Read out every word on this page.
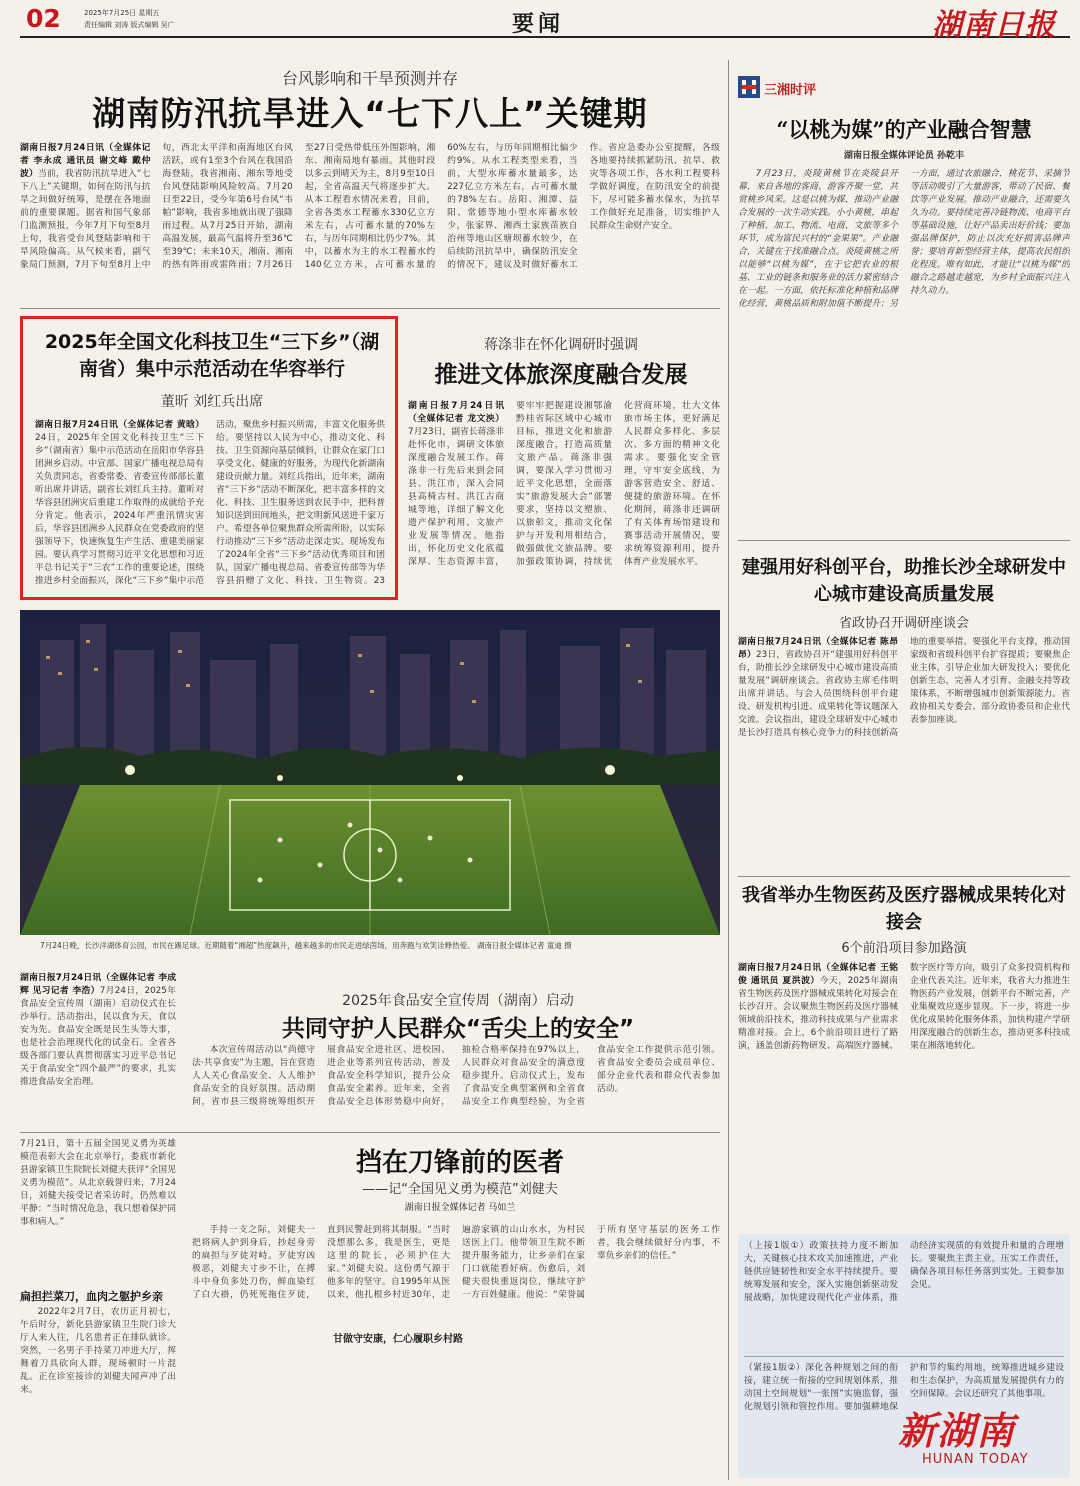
02	2025年7月25日 星期五
责任编辑 刘涛 版式编辑 吴广	要闻	湖南日报
台风影响和干旱预测并存
湖南防汛抗旱进入“七下八上”关键期
湖南日报7月24日讯（全媒体记者 李永成 通讯员 谢文峰 戴仲波）当前，我省防汛抗旱进入“七下八上”关键期，如何在防汛与抗旱之间做好统筹，是摆在各地面前的重要课题。据省和国气象部门监测预报，今年7月下旬至8月上旬，我省受台风登陆影响和干旱风险偏高。从气候来看，副气象局门预测，7月下旬至8月上中旬，西北太平洋和南海地区台风活跃，或有1至3个台风在我国沿海登陆，我省湘南、湘东等地受台风登陆影响风险较高。7月20日至22日，受今年第6号台风“韦帕”影响，我省多地就出现了强降雨过程。从7月25日开始，湖南高温发展，最高气温将升至36℃至39℃；未来10天，湘南、湘南的热有阵雨或雷阵雨；7月26日至27日受热带低压外围影响，湘东、湘南局地有暴雨。其他时段以多云到晴天为主，8月9至10日起，全省高温天气将逐步扩大。从本工程看水情况来看，目前，全省各类水工程蓄水330亿立方米左右，占可蓄水量的70%左右，与历年同期相比仍少7%。其中，以蓄水为主的水工程蓄水约140亿立方米，占可蓄水量的60%左右，与历年同期相比偏少约9%。从水工程类型来看，当前，大型水库蓄水量最多，达227亿立方米左右，占可蓄水量的78%左右。岳阳、湘潭、益阳、常德等地小型水库蓄水较少，张家界、湘西土家族苗族自治州等地山区塘坝蓄水较少，在后续防汛抗旱中，确保防汛安全的情况下，建议及时做好蓄水工作。省应急委办公室提醒，各级各地要持续抓紧防汛、抗旱、救灾等各项工作，各水利工程要科学做好调度，在防汛安全的前提下，尽可能多蓄水保水，为抗旱工作做好充足准备，切实维护人民群众生命财产安全。
2025年全国文化科技卫生“三下乡”（湖南省）集中示范活动在华容举行
董昕 刘红兵出席
湖南日报7月24日讯（全媒体记者 黄晗）24日，2025年全国文化科技卫生“三下乡”（湖南省）集中示范活动在岳阳市华容县团洲乡启动。中宣部、国家广播电视总局有关负责同志，省委常委、省委宣传部部长董昕出席并讲话，副省长刘红兵主持。董昕对华容县团洲灾后重建工作取得的成就给予充分肯定。他表示，2024年严重汛情灾害后，华容县团洲乡人民群众在党委政府的坚强领导下，快速恢复生产生活、重建美丽家园。要认真学习贯彻习近平文化思想和习近平总书记关于“三农”工作的重要论述，围绕推进乡村全面振兴，深化“三下乡”集中示范活动，聚焦乡村振兴所需，丰富文化服务供给。要坚持以人民为中心，推动文化、科技、卫生资源向基层倾斜，让群众在家门口享受文化、健康的好服务，为现代化新湖南建设贡献力量。刘红兵指出，近年来，湖南省“三下乡”活动不断深化，把丰富多样的文化、科技、卫生服务送到农民手中，把科普知识送到田间地头，把文明新风送进千家万户。希望各单位聚焦群众所需所盼，以实际行动推动“三下乡”活动走深走实。现场发布了2024年全省“三下乡”活动优秀项目和团队，国家广播电视总局、省委宣传部等为华容县捐赠了文化、科技、卫生物资。23
蒋涤非在怀化调研时强调
推进文体旅深度融合发展
湖南日报7月24日讯（全媒体记者 龙文泱）7月23日，副省长蒋涤非赴怀化市，调研文体旅深度融合发展工作。蒋涤非一行先后来到会同县、洪江市，深入会同县高椅古村、洪江古商城等地，详细了解文化遗产保护利用、文旅产业发展等情况。他指出，怀化历史文化底蕴深厚、生态资源丰富，要牢牢把握建设湘鄂渝黔桂省际区域中心城市目标，推进文化和旅游深度融合，打造高质量文旅产品。蒋涤非强调，要深入学习贯彻习近平文化思想，全面落实“旅游发展大会”部署要求，坚持以文塑旅、以旅彰文，推动文化保护与开发利用相结合，做强做优文旅品牌。要加强政策协调，持续优化营商环境，壮大文体旅市场主体，更好满足人民群众多样化、多层次、多方面的精神文化需求。要强化安全管理，守牢安全底线，为游客营造安全、舒适、便捷的旅游环境。在怀化期间，蒋涤非还调研了有关体育场馆建设和赛事活动开展情况，要求统筹资源利用，提升体育产业发展水平。
7月24日晚，长沙洋湖体育公园，市民在踢足球。近期随着“湘超”热度飙升，越来越多的市民走进绿茵场，用奔跑与欢笑诠释热爱。 湖南日报全媒体记者 童迪 摄
湖南日报7月24日讯（全媒体记者 李成辉 见习记者 李浩）7月24日，2025年食品安全宣传周（湖南）启动仪式在长沙举行。活动指出，民以食为天，食以安为先。食品安全既是民生头等大事，也是社会治理现代化的试金石。全省各级各部门要认真贯彻落实习近平总书记关于食品安全“四个最严”的要求，扎实推进食品安全治理。
2025年食品安全宣传周（湖南）启动
共同守护人民群众“舌尖上的安全”
本次宣传周活动以“尚德守法·共享食安”为主题，旨在营造人人关心食品安全、人人维护食品安全的良好氛围。活动期间，省市县三级将统筹组织开展食品安全进社区、进校园、进企业等系列宣传活动，普及食品安全科学知识，提升公众食品安全素养。近年来，全省食品安全总体形势稳中向好，抽检合格率保持在97%以上，人民群众对食品安全的满意度稳步提升。启动仪式上，发布了食品安全典型案例和全省食品安全工作典型经验，为全省食品安全工作提供示范引领。省食品安全委员会成员单位、部分企业代表和群众代表参加活动。
7月21日，第十五届全国见义勇为英雄模范表彰大会在北京举行，娄底市新化县游家镇卫生院院长刘健夫获评“全国见义勇为模范”。从北京载誉归来，7月24日，刘健夫接受记者采访时，仍然难以平静：“当时情况危急，我只想着保护同事和病人。”
扁担拦菜刀，血肉之躯护乡亲
2022年2月7日，农历正月初七，午后时分，新化县游家镇卫生院门诊大厅人来人往，几名患者正在排队就诊。突然，一名男子手持菜刀冲进大厅，挥舞着刀具砍向人群，现场顿时一片混乱。正在诊室接诊的刘健夫闻声冲了出来。
挡在刀锋前的医者
——记“全国见义勇为模范”刘健夫
湖南日报全媒体记者 马如兰
手持一支之际，刘健夫一把将病人护到身后，抄起身旁的扁担与歹徒对峙。歹徒穷凶极恶，刘健夫寸步不让，在搏斗中身负多处刀伤，鲜血染红了白大褂，仍死死拖住歹徒，直到民警赶到将其制服。“当时没想那么多，我是医生，更是这里的院长，必须护住大家。”刘健夫说。这份勇气源于他多年的坚守。自1995年从医以来，他扎根乡村近30年，走遍游家镇的山山水水，为村民送医上门。他带领卫生院不断提升服务能力，让乡亲们在家门口就能看好病。伤愈后，刘健夫很快重返岗位，继续守护一方百姓健康。他说：“荣誉属于所有坚守基层的医务工作者，我会继续做好分内事，不辜负乡亲们的信任。”
甘做守安康，仁心履职乡村路
三湘时评
“以桃为媒”的产业融合智慧
湖南日报全媒体评论员 孙乾丰
7月23日，炎陵黄桃节在炎陵县开幕，来自各地的客商、游客齐聚一堂，共赏桃乡风采。这是以桃为媒、推动产业融合发展的一次生动实践。小小黄桃，串起了种植、加工、物流、电商、文旅等多个环节，成为富民兴村的“金果果”。产业融合，关键在于找准融合点。炎陵黄桃之所以能够“以桃为媒”，在于它把农业的根基、工业的链条和服务业的活力紧密结合在一起。一方面，依托标准化种植和品牌化经营，黄桃品质和附加值不断提升；另一方面，通过农旅融合，桃花节、采摘节等活动吸引了大量游客，带动了民宿、餐饮等产业发展。推动产业融合，还需要久久为功。要持续完善冷链物流、电商平台等基础设施，让好产品卖出好价钱；要加强品牌保护，防止以次充好损害品牌声誉；要培育新型经营主体，提高农民组织化程度。唯有如此，才能让“以桃为媒”的融合之路越走越宽，为乡村全面振兴注入持久动力。
建强用好科创平台，助推长沙全球研发中心城市建设高质量发展
省政协召开调研座谈会
湖南日报7月24日讯（全媒体记者 陈昂昂）23日，省政协召开“建强用好科创平台，助推长沙全球研发中心城市建设高质量发展”调研座谈会。省政协主席毛伟明出席并讲话。与会人员围绕科创平台建设、研发机构引进、成果转化等议题深入交流。会议指出，建设全球研发中心城市是长沙打造具有核心竞争力的科技创新高地的重要举措。要强化平台支撑，推动国家级和省级科创平台扩容提质；要聚焦企业主体，引导企业加大研发投入；要优化创新生态，完善人才引育、金融支持等政策体系，不断增强城市创新策源能力。省政协相关专委会、部分政协委员和企业代表参加座谈。
我省举办生物医药及医疗器械成果转化对接会
6个前沿项目参加路演
湖南日报7月24日讯（全媒体记者 王铭俊 通讯员 夏洪波）今天，2025年湖南省生物医药及医疗器械成果转化对接会在长沙召开。会议聚焦生物医药及医疗器械领域前沿技术，推动科技成果与产业需求精准对接。会上，6个前沿项目进行了路演，涵盖创新药物研发、高端医疗器械、数字医疗等方向，吸引了众多投资机构和企业代表关注。近年来，我省大力推进生物医药产业发展，创新平台不断完善，产业集聚效应逐步显现。下一步，将进一步优化成果转化服务体系，加快构建产学研用深度融合的创新生态，推动更多科技成果在湘落地转化。
（上接1版①）政策扶持力度不断加大，关键核心技术攻关加速推进，产业链供应链韧性和安全水平持续提升。要统筹发展和安全，深入实施创新驱动发展战略，加快建设现代化产业体系，推动经济实现质的有效提升和量的合理增长。要聚焦主责主业，压实工作责任，确保各项目标任务落到实处。王毅参加会见。
（紧接1版②）深化各种规划之间的衔接，建立统一衔接的空间规划体系，推动国土空间规划“一张图”实施监督，强化规划引领和管控作用。要加强耕地保护和节约集约用地，统筹推进城乡建设和生态保护，为高质量发展提供有力的空间保障。会议还研究了其他事项。
新湖南
HUNAN TODAY
